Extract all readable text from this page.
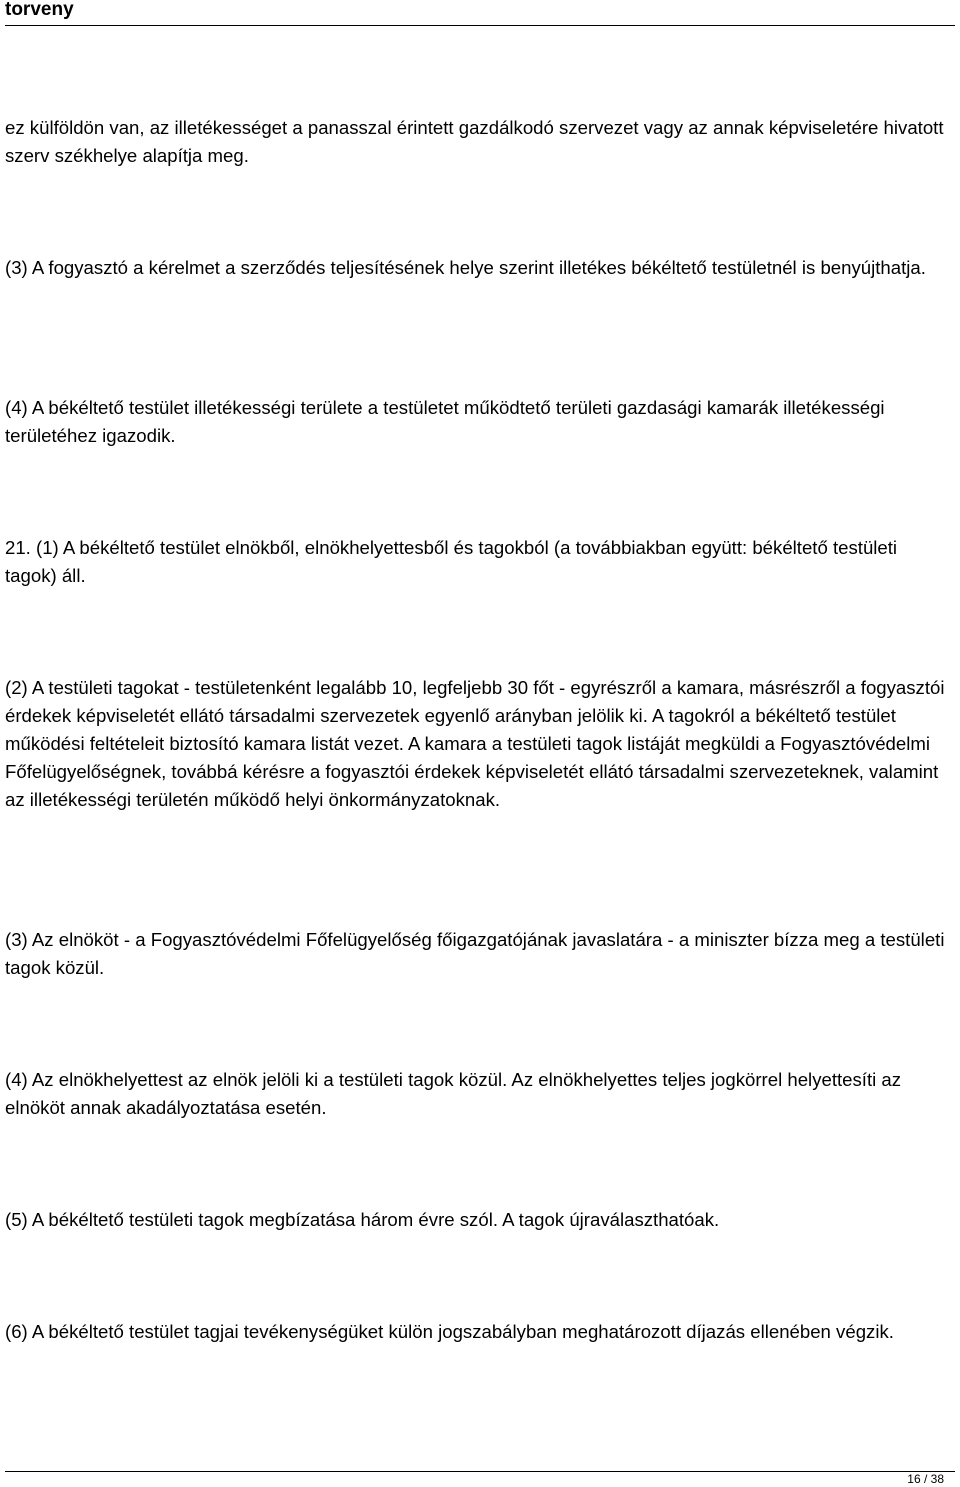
torveny

ez külföldön van, az illetékességet a panasszal érintett gazdálkodó szervezet vagy az annak képviseletére hivatott szerv székhelye alapítja meg.

(3) A fogyasztó a kérelmet a szerződés teljesítésének helye szerint illetékes békéltető testületnél is benyújthatja.

(4) A békéltető testület illetékességi területe a testületet működtető területi gazdasági kamarák illetékességi területéhez igazodik.

21. (1) A békéltető testület elnökből, elnökhelyettesből és tagokból (a továbbiakban együtt: békéltető testületi tagok) áll.

(2) A testületi tagokat - testületenként legalább 10, legfeljebb 30 főt - egyrészről a kamara, másrészről a fogyasztói érdekek képviseletét ellátó társadalmi szervezetek egyenlő arányban jelölik ki. A tagokról a békéltető testület működési feltételeit biztosító kamara listát vezet. A kamara a testületi tagok listáját megküldi a Fogyasztóvédelmi Főfelügyelőségnek, továbbá kérésre a fogyasztói érdekek képviseletét ellátó társadalmi szervezeteknek, valamint az illetékességi területén működő helyi önkormányzatoknak.

(3) Az elnököt - a Fogyasztóvédelmi Főfelügyelőség főigazgatójának javaslatára - a miniszter bízza meg a testületi tagok közül.

(4) Az elnökhelyettest az elnök jelöli ki a testületi tagok közül. Az elnökhelyettes teljes jogkörrel helyettesíti az elnököt annak akadályoztatása esetén.

(5) A békéltető testületi tagok megbízatása három évre szól. A tagok újraválaszthatóak.

(6) A békéltető testület tagjai tevékenységüket külön jogszabályban meghatározott díjazás ellenében végzik.

16 / 38
